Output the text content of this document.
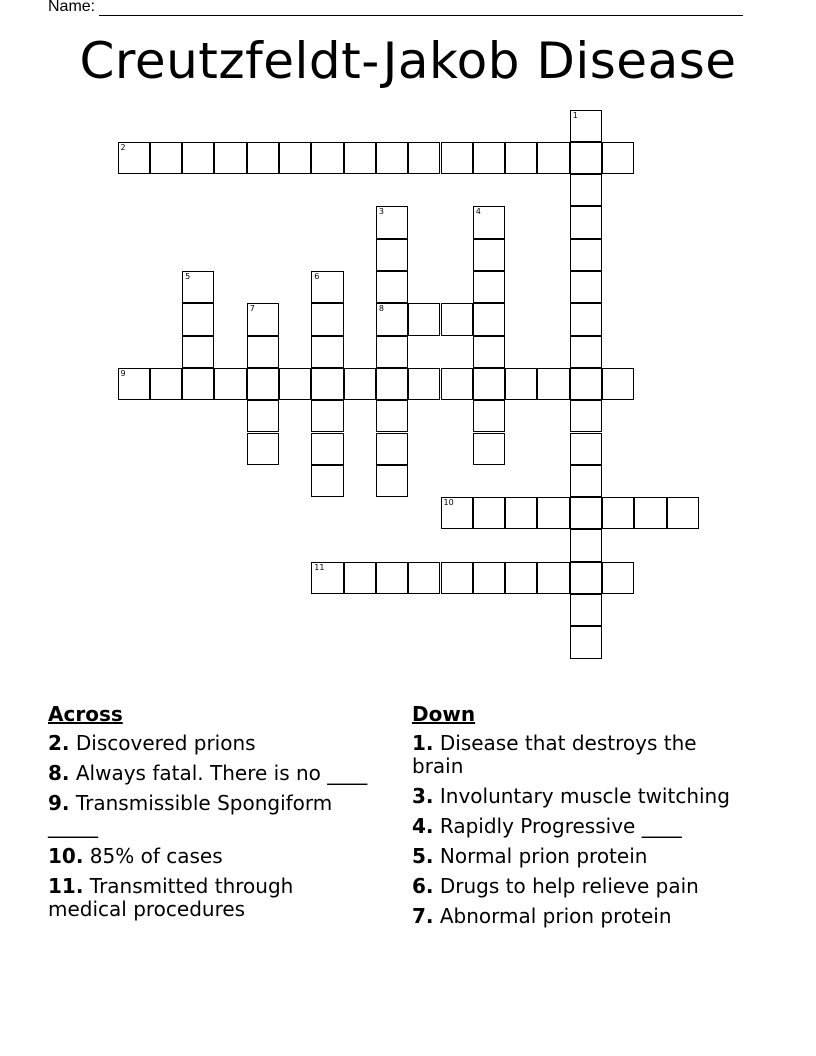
Name:
Creutzfeldt-Jakob Disease
1
2
3	4
5	6
7	8
9
10
11
Across
2. Discovered prions
8. Always fatal. There is no ____
9. Transmissible Spongiform _____
10. 85% of cases
11. Transmitted through medical procedures
Down
1. Disease that destroys the brain
3. Involuntary muscle twitching
4. Rapidly Progressive ____
5. Normal prion protein
6. Drugs to help relieve pain
7. Abnormal prion protein
